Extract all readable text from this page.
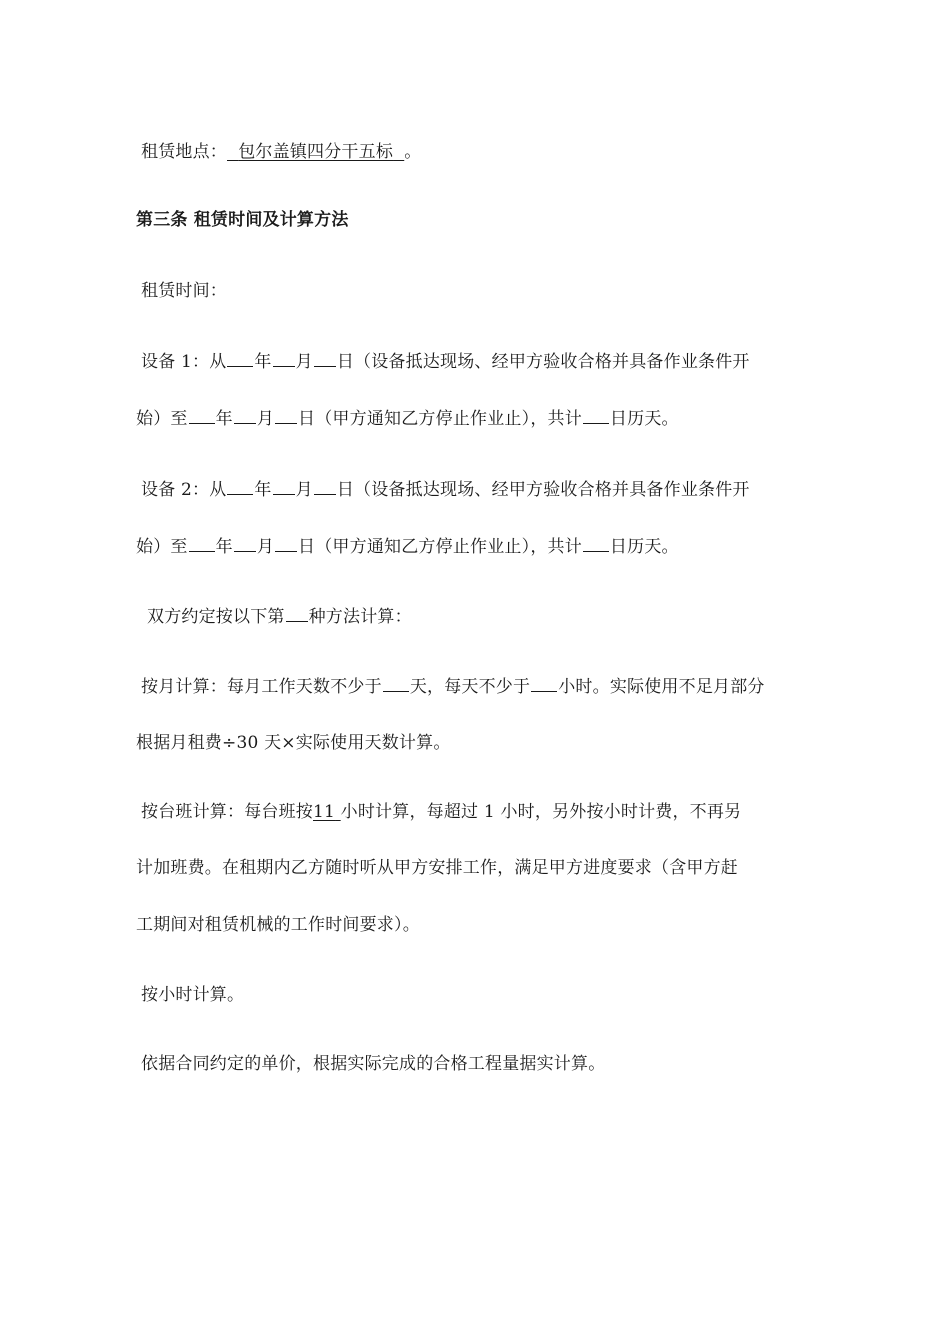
租赁地点： 包尔盖镇四分干五标 。
第三条 租赁时间及计算方法
租赁时间：
设备 1：从 年 月 日（设备抵达现场、经甲方验收合格并具备作业条件开
始）至 年 月 日（甲方通知乙方停止作业止），共计 日历天。
设备 2：从 年 月 日（设备抵达现场、经甲方验收合格并具备作业条件开
始）至 年 月 日（甲方通知乙方停止作业止），共计 日历天。
双方约定按以下第 种方法计算：
按月计算：每月工作天数不少于 天，每天不少于 小时。实际使用不足月部分
根据月租费÷30 天×实际使用天数计算。
按台班计算：每台班按11 小时计算，每超过 1 小时，另外按小时计费，不再另
计加班费。在租期内乙方随时听从甲方安排工作，满足甲方进度要求（含甲方赶
工期间对租赁机械的工作时间要求）。
按小时计算。
依据合同约定的单价，根据实际完成的合格工程量据实计算。
